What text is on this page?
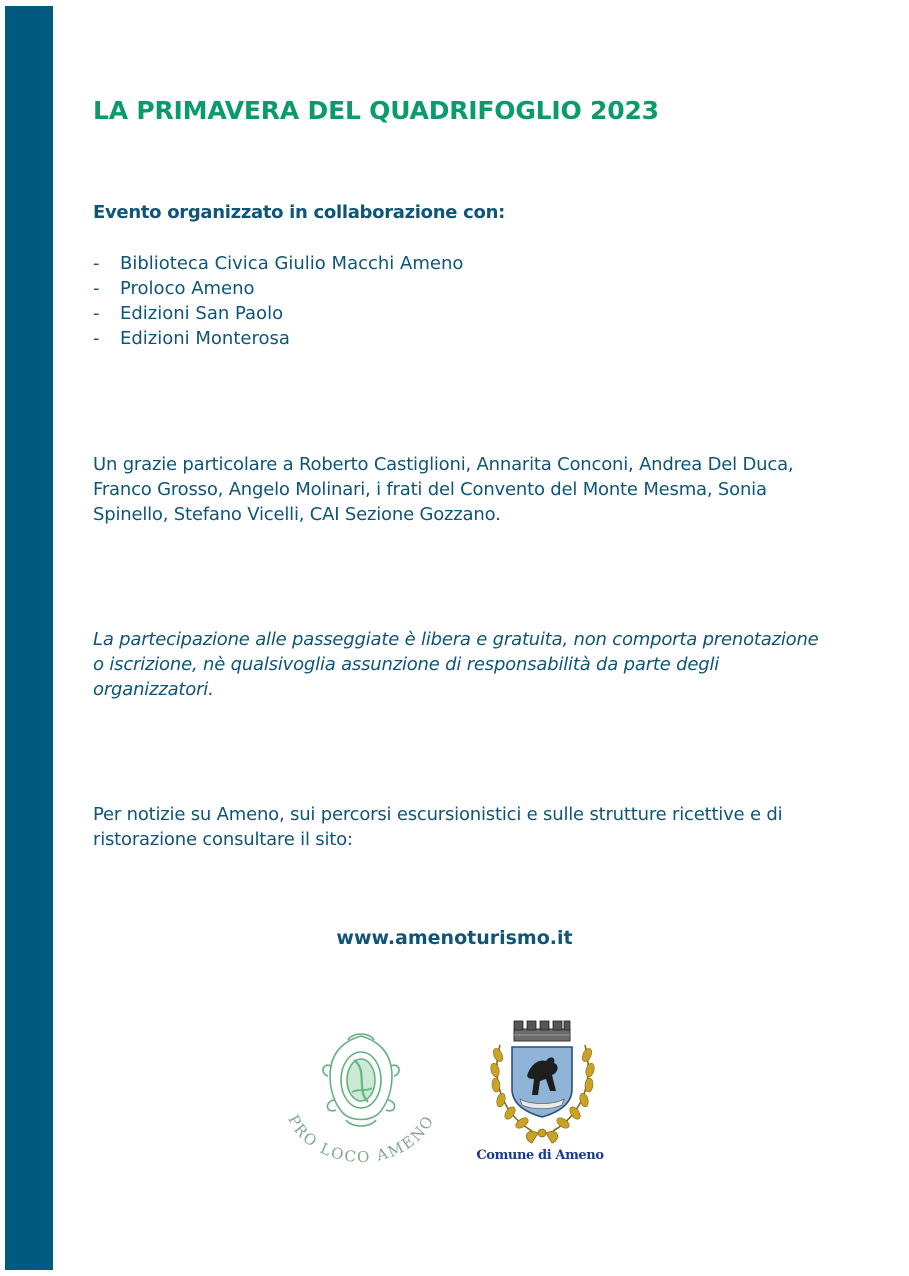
LA PRIMAVERA DEL QUADRIFOGLIO 2023

Evento organizzato in collaborazione con:

-	Biblioteca Civica Giulio Macchi Ameno
-	Proloco Ameno
-	Edizioni San Paolo
-	Edizioni Monterosa

Un grazie particolare a Roberto Castiglioni, Annarita Conconi, Andrea Del Duca, Franco Grosso, Angelo Molinari, i frati del Convento del Monte Mesma, Sonia Spinello, Stefano Vicelli, CAI Sezione Gozzano.

La partecipazione alle passeggiate è libera e gratuita, non comporta prenotazione o iscrizione, nè qualsivoglia assunzione di responsabilità da parte degli organizzatori.

Per notizie su Ameno, sui percorsi escursionistici e sulle strutture ricettive e di ristorazione consultare il sito:

www.amenoturismo.it

PRO LOCO AMENO
Comune di Ameno
